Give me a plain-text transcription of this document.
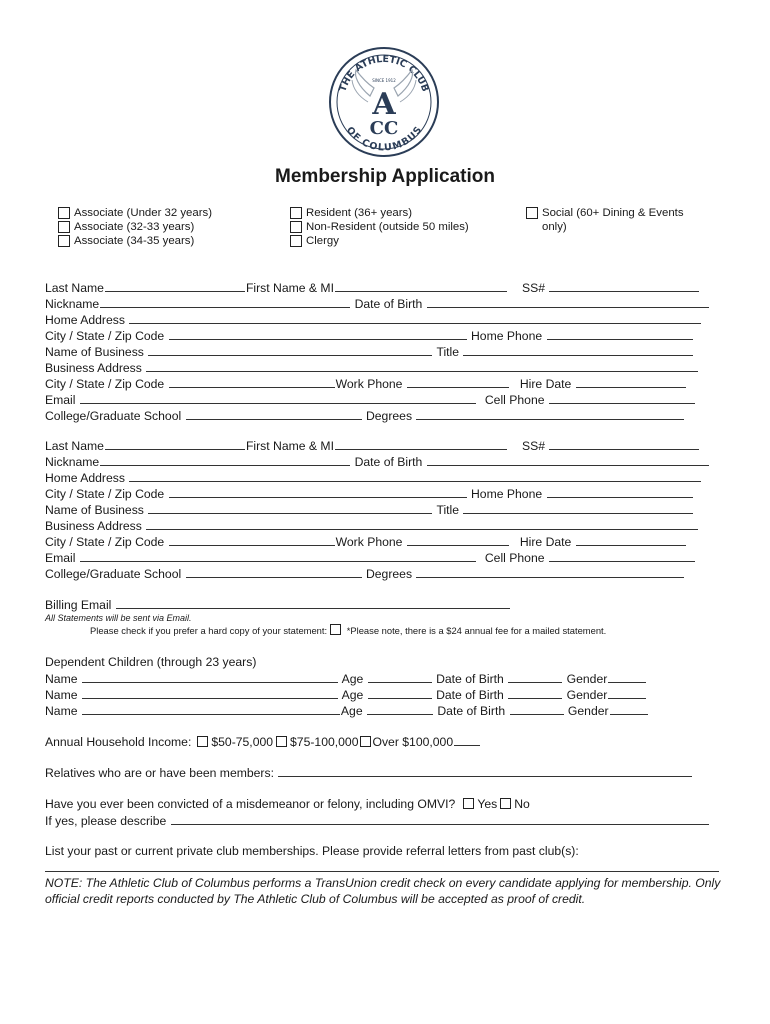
THE ATHLETIC CLUB
OF COLUMBUS
SINCE 1912
A
CC
Membership Application
Associate (Under 32 years)
Associate (32-33 years)
Associate (34-35 years)
Resident (36+ years)
Non-Resident (outside 50 miles)
Clergy
Social (60+ Dining & Events only)
Last Name	First Name & MI	SS#
Nickname	Date of Birth
Home Address
City / State / Zip Code	Home Phone
Name of Business	Title
Business Address
City / State / Zip Code	Work Phone	Hire Date
Email	Cell Phone
College/Graduate School	Degrees
Last Name	First Name & MI	SS#
Nickname	Date of Birth
Home Address
City / State / Zip Code	Home Phone
Name of Business	Title
Business Address
City / State / Zip Code	Work Phone	Hire Date
Email	Cell Phone
College/Graduate School	Degrees
Billing Email
All Statements will be sent via Email.
Please check if you prefer a hard copy of your statement: *Please note, there is a $24 annual fee for a mailed statement.
Dependent Children (through 23 years)
Name	Age	Date of Birth	Gender
Name	Age	Date of Birth	Gender
Name	Age	Date of Birth	Gender
Annual Household Income: $50-75,000 $75-100,000 Over $100,000
Relatives who are or have been members:
Have you ever been convicted of a misdemeanor or felony, including OMVI? Yes No
If yes, please describe
List your past or current private club memberships. Please provide referral letters from past club(s):
NOTE: The Athletic Club of Columbus performs a TransUnion credit check on every candidate applying for membership. Only official credit reports conducted by The Athletic Club of Columbus will be accepted as proof of credit.
